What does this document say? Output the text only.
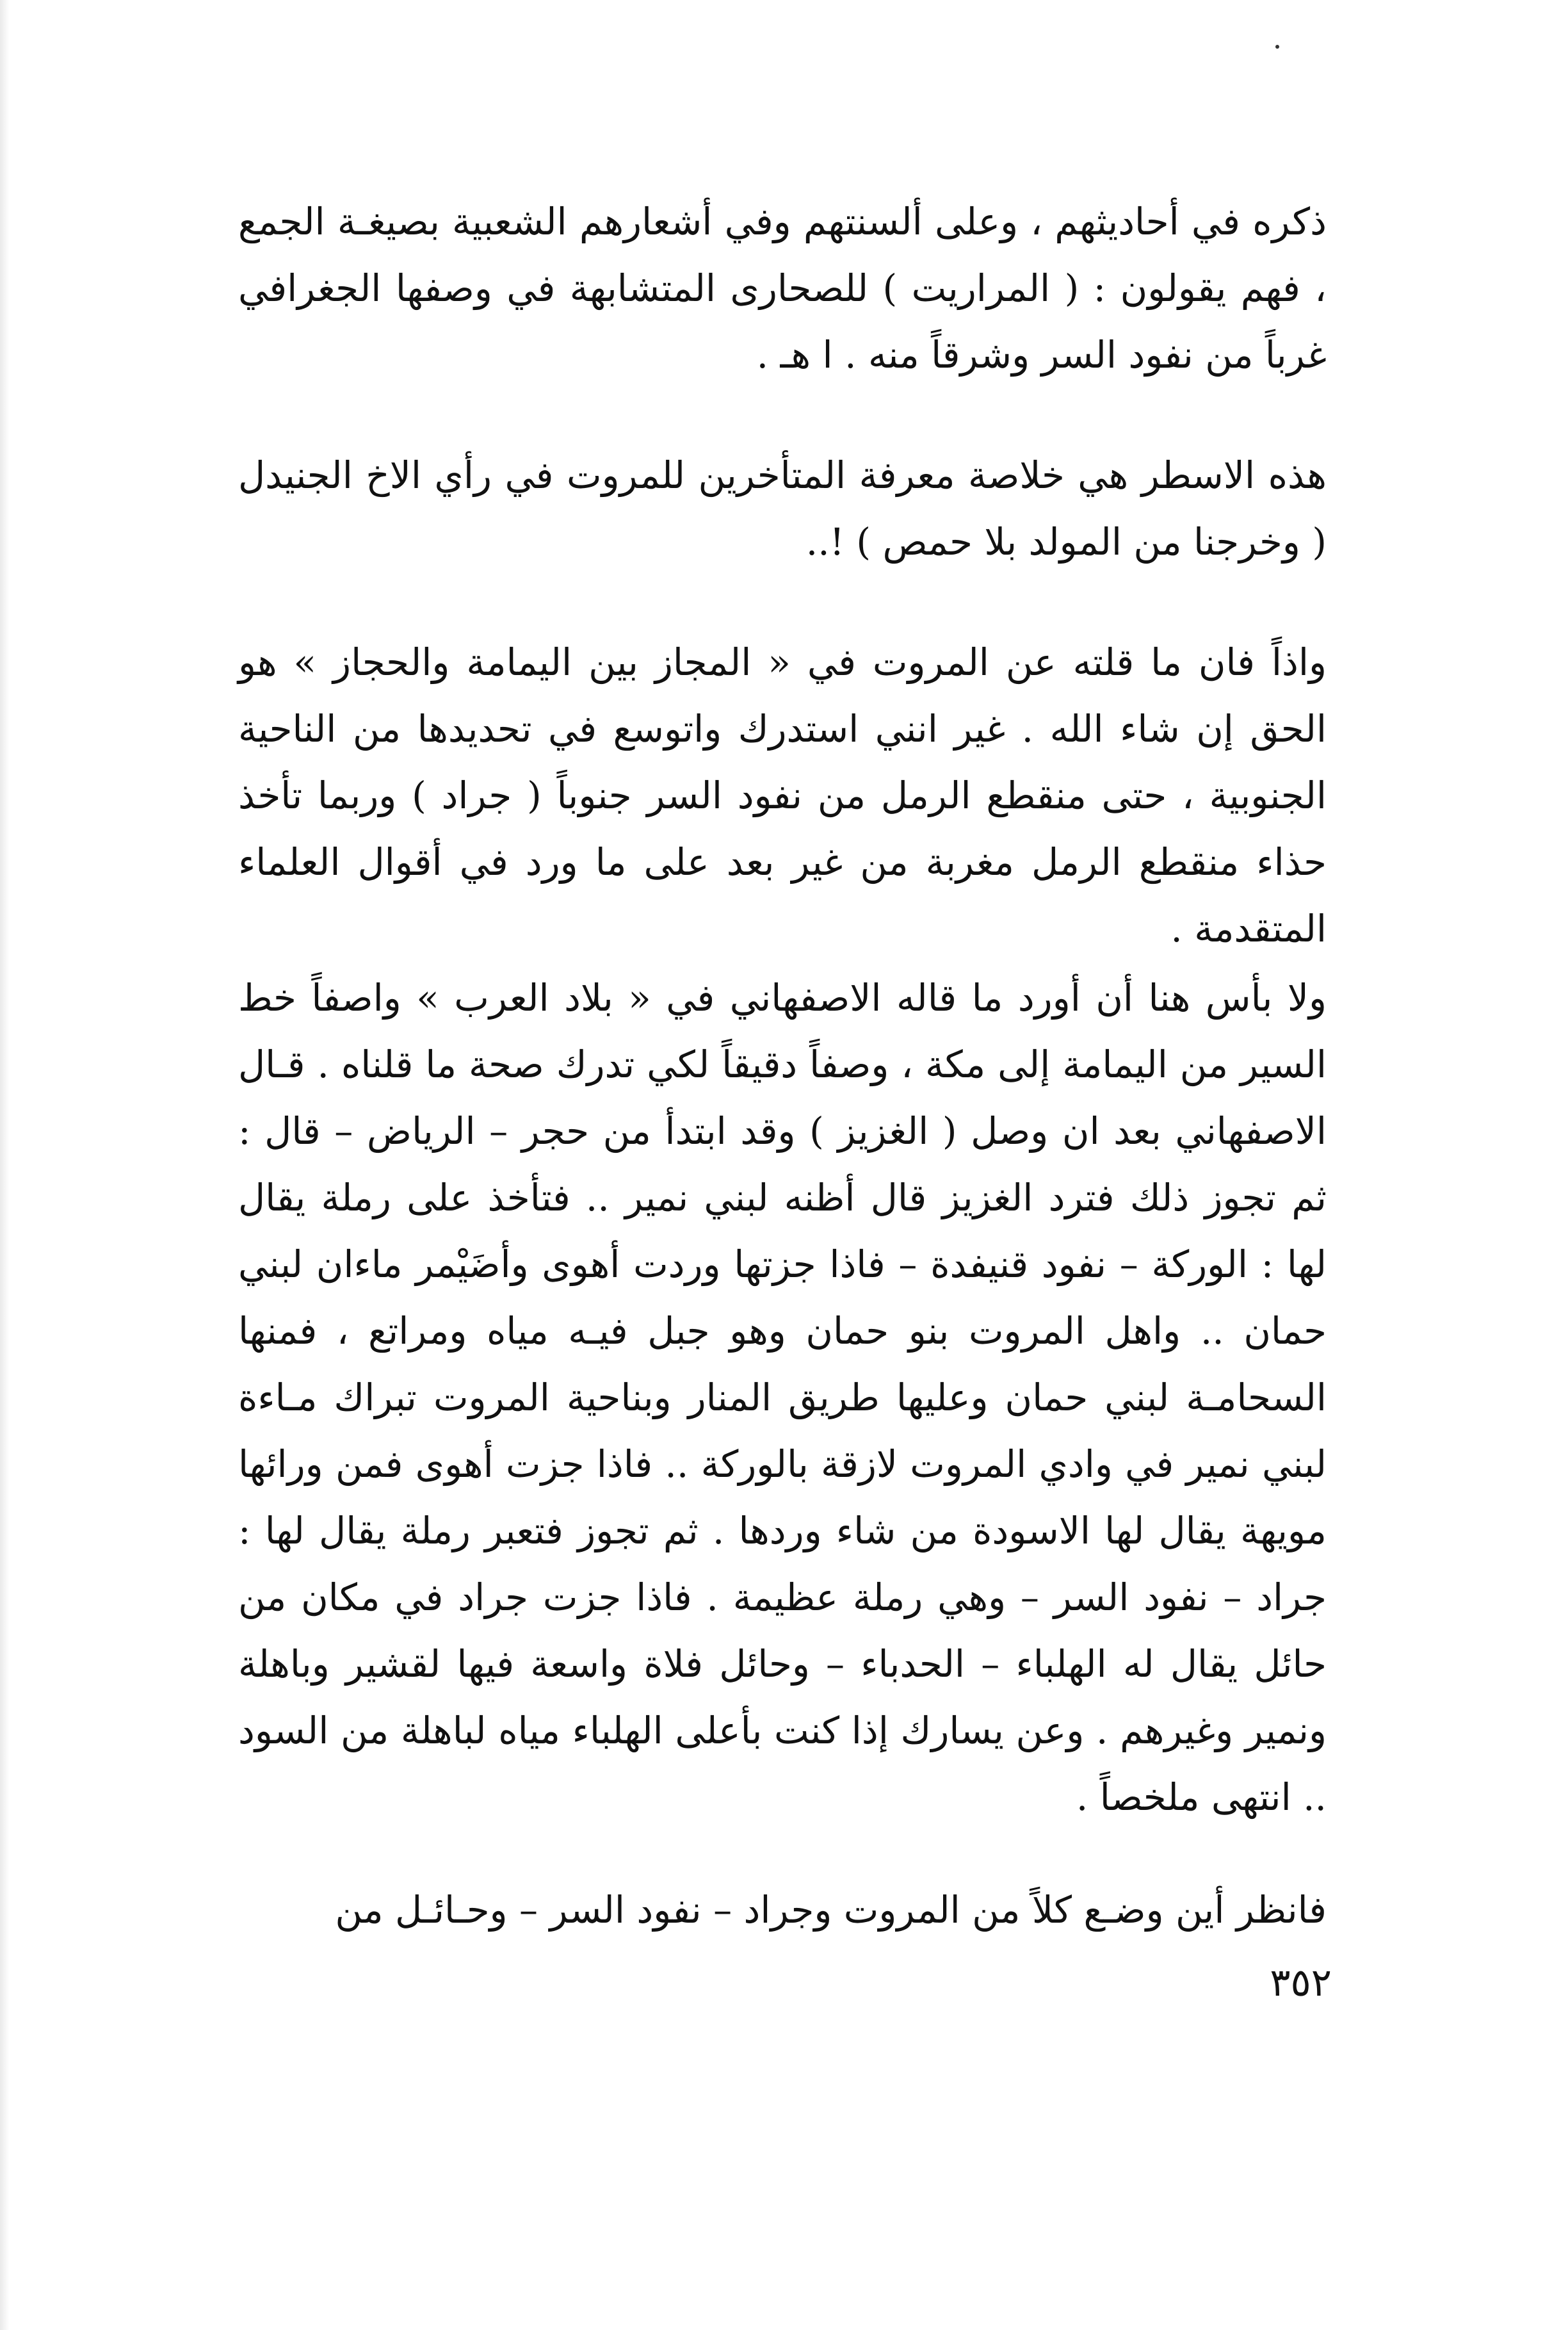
ذكره في أحاديثهم ، وعلى ألسنتهم وفي أشعارهم الشعبية بصيغـة الجمع ، فهم يقولون : ( المراريت ) للصحارى المتشابهة في وصفها الجغرافي غرباً من نفود السر وشرقاً منه . ا هـ .

هذه الاسطر هي خلاصة معرفة المتأخرين للمروت في رأي الاخ الجنيدل ( وخرجنا من المولد بلا حمص ) !..

واذاً فان ما قلته عن المروت في « المجاز بين اليمامة والحجاز » هو الحق إن شاء الله . غير انني استدرك واتوسع في تحديدها من الناحية الجنوبية ، حتى منقطع الرمل من نفود السر جنوباً ( جراد ) وربما تأخذ حذاء منقطع الرمل مغربة من غير بعد على ما ورد في أقوال العلماء المتقدمة .

ولا بأس هنا أن أورد ما قاله الاصفهاني في « بلاد العرب » واصفاً خط السير من اليمامة إلى مكة ، وصفاً دقيقاً لكي تدرك صحة ما قلناه . قـال الاصفهاني بعد ان وصل ( الغزيز ) وقد ابتدأ من حجر – الرياض – قال : ثم تجوز ذلك فترد الغزيز قال أظنه لبني نمير .. فتأخذ على رملة يقال لها : الوركة – نفود قنيفدة – فاذا جزتها وردت أهوى وأضَيْمر ماءان لبني حمان .. واهل المروت بنو حمان وهو جبل فيـه مياه ومراتع ، فمنها السحامـة لبني حمان وعليها طريق المنار وبناحية المروت تبراك مـاءة لبني نمير في وادي المروت لازقة بالوركة .. فاذا جزت أهوى فمن ورائها مويهة يقال لها الاسودة من شاء وردها . ثم تجوز فتعبر رملة يقال لها : جراد – نفود السر – وهي رملة عظيمة . فاذا جزت جراد في مكان من حائل يقال له الهلباء – الحدباء – وحائل فلاة واسعة فيها لقشير وباهلة ونمير وغيرهم . وعن يسارك إذا كنت بأعلى الهلباء مياه لباهلة من السود .. انتهى ملخصاً .

فانظر أين وضـع كلاً من المروت وجراد – نفود السر – وحـائـل من

٣٥٢
